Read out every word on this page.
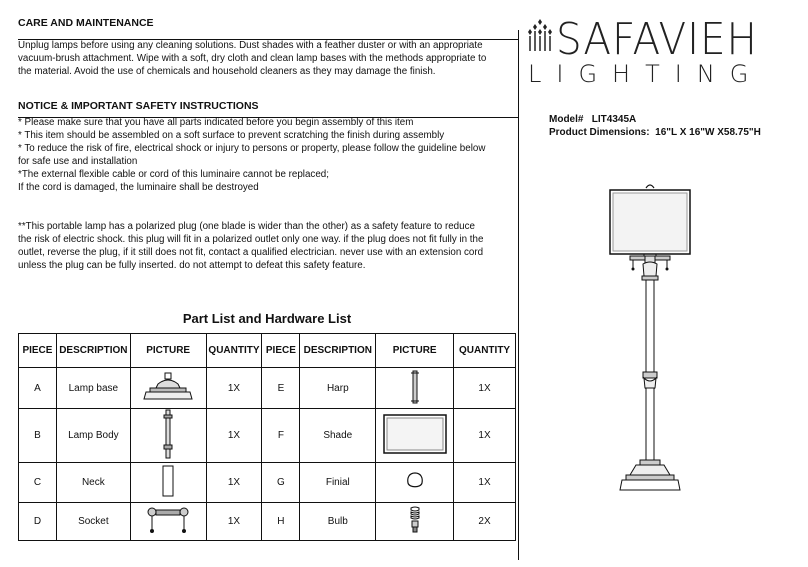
CARE AND MAINTENANCE
Unplug lamps before using any cleaning solutions. Dust shades with a feather duster or with an appropriate
vacuum-brush attachment. Wipe with a soft, dry cloth and clean lamp bases with the methods appropriate to
the material. Avoid the use of chemicals and household cleaners as they may damage the finish.
NOTICE & IMPORTANT SAFETY INSTRUCTIONS
* Please make sure that you have all parts indicated before you begin assembly of this item
* This item should be assembled on a soft surface to prevent scratching the finish during assembly
* To reduce the risk of fire, electrical shock or injury to persons or property, please follow the guideline below
for safe use and installation
*The external flexible cable or cord of this luminaire cannot be replaced;
If the cord is damaged, the luminaire shall be destroyed
**This portable lamp has a polarized plug (one blade is wider than the other) as a safety feature to reduce
the risk of electric shock. this plug will fit in a polarized outlet only one way. if the plug does not fit fully in the
outlet, reverse the plug, if it still does not fit, contact a qualified electrician. never use with an extension cord
unless the plug can be fully inserted. do not attempt to defeat this safety feature.
Part List and Hardware List
PIECE	DESCRIPTION	PICTURE	QUANTITY	PIECE	DESCRIPTION	PICTURE	QUANTITY
A	Lamp base		1X	E	Harp		1X
B	Lamp Body		1X	F	Shade		1X
C	Neck		1X	G	Finial		1X
D	Socket		1X	H	Bulb		2X
SAFAVIEH
LIGHTING
Model# LIT4345A
Product Dimensions: 16"L X 16"W X58.75"H
